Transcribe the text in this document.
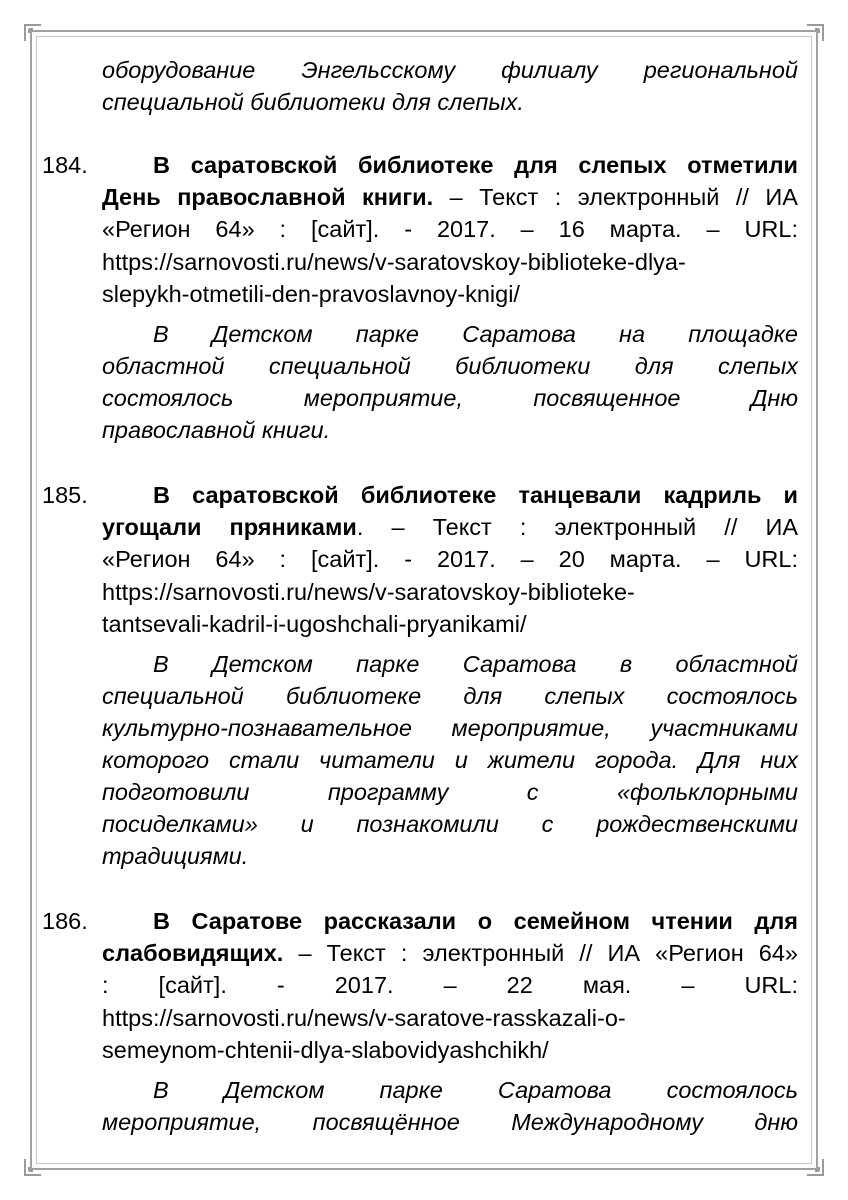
оборудование Энгельсскому филиалу региональной
специальной библиотеки для слепых.
184.	В саратовской библиотеке для слепых отметили
День православной книги. – Текст : электронный // ИА
«Регион 64» : [сайт]. - 2017. – 16 марта. – URL:
https://sarnovosti.ru/news/v-saratovskoy-biblioteke-dlya-
slepykh-otmetili-den-pravoslavnoy-knigi/
В Детском парке Саратова на площадке
областной специальной библиотеки для слепых
состоялось мероприятие, посвященное Дню
православной книги.
185.	В саратовской библиотеке танцевали кадриль и
угощали пряниками. – Текст : электронный // ИА
«Регион 64» : [сайт]. - 2017. – 20 марта. – URL:
https://sarnovosti.ru/news/v-saratovskoy-biblioteke-
tantsevali-kadril-i-ugoshchali-pryanikami/
В Детском парке Саратова в областной
специальной библиотеке для слепых состоялось
культурно-познавательное мероприятие, участниками
которого стали читатели и жители города. Для них
подготовили программу с «фольклорными
посиделками» и познакомили с рождественскими
традициями.
186.	В Саратове рассказали о семейном чтении для
слабовидящих. – Текст : электронный // ИА «Регион 64»
: [сайт]. - 2017. – 22 мая. – URL:
https://sarnovosti.ru/news/v-saratove-rasskazali-o-
semeynom-chtenii-dlya-slabovidyashchikh/
В Детском парке Саратова состоялось
мероприятие, посвящённое Международному дню
